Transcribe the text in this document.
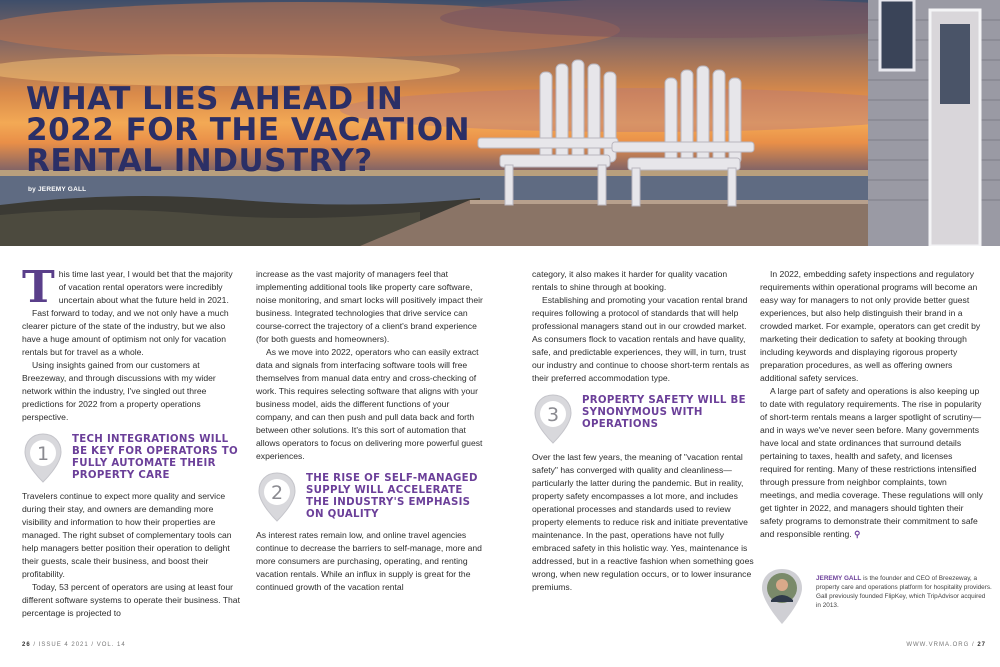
WHAT LIES AHEAD IN
2022 FOR THE VACATION
RENTAL INDUSTRY?
by JEREMY GALL

This time last year, I would bet that the majority of vacation rental operators were incredibly uncertain about what the future held in 2021.

Fast forward to today, and we not only have a much clearer picture of the state of the industry, but we also have a huge amount of optimism not only for vacation rentals but for travel as a whole.

Using insights gained from our customers at Breezeway, and through discussions with my wider network within the industry, I've singled out three predictions for 2022 from a property operations perspective.

1
TECH INTEGRATIONS WILL BE KEY FOR OPERATORS TO FULLY AUTOMATE THEIR PROPERTY CARE

Travelers continue to expect more quality and service during their stay, and owners are demanding more visibility and information to how their properties are managed. The right subset of complementary tools can help managers better position their operation to delight their guests, scale their business, and boost their profitability.

Today, 53 percent of operators are using at least four different software systems to operate their business. That percentage is projected to

increase as the vast majority of managers feel that implementing additional tools like property care software, noise monitoring, and smart locks will positively impact their business. Integrated technologies that drive service can course-correct the trajectory of a client's brand experience (for both guests and homeowners).

As we move into 2022, operators who can easily extract data and signals from interfacing software tools will free themselves from manual data entry and cross-checking of work. This requires selecting software that aligns with your business model, aids the different functions of your company, and can then push and pull data back and forth between other solutions. It's this sort of automation that allows operators to focus on delivering more powerful guest experiences.

2
THE RISE OF SELF-MANAGED SUPPLY WILL ACCELERATE THE INDUSTRY'S EMPHASIS ON QUALITY

As interest rates remain low, and online travel agencies continue to decrease the barriers to self-manage, more and more consumers are purchasing, operating, and renting vacation rentals. While an influx in supply is great for the continued growth of the vacation rental

category, it also makes it harder for quality vacation rentals to shine through at booking.

Establishing and promoting your vacation rental brand requires following a protocol of standards that will help professional managers stand out in our crowded market. As consumers flock to vacation rentals and have quality, safe, and predictable experiences, they will, in turn, trust our industry and continue to choose short-term rentals as their preferred accommodation type.

3
PROPERTY SAFETY WILL BE SYNONYMOUS WITH OPERATIONS

Over the last few years, the meaning of "vacation rental safety" has converged with quality and cleanliness—particularly the latter during the pandemic. But in reality, property safety encompasses a lot more, and includes operational processes and standards used to review property elements to reduce risk and initiate preventative maintenance. In the past, operations have not fully embraced safety in this holistic way. Yes, maintenance is addressed, but in a reactive fashion when something goes wrong, when new regulation occurs, or to lower insurance premiums.

In 2022, embedding safety inspections and regulatory requirements within operational programs will become an easy way for managers to not only provide better guest experiences, but also help distinguish their brand in a crowded market. For example, operators can get credit by marketing their dedication to safety at booking through including keywords and displaying rigorous property preparation procedures, as well as offering owners additional safety services.

A large part of safety and operations is also keeping up to date with regulatory requirements. The rise in popularity of short-term rentals means a larger spotlight of scrutiny—and in ways we've never seen before. Many governments have local and state ordinances that surround details pertaining to taxes, health and safety, and licenses required for renting. Many of these restrictions intensified through pressure from neighbor complaints, town meetings, and media coverage. These regulations will only get tighter in 2022, and managers should tighten their safety programs to demonstrate their commitment to safe and responsible renting. ⚲

JEREMY GALL is the founder and CEO of Breezeway, a property care and operations platform for hospitality providers. Gall previously founded FlipKey, which TripAdvisor acquired in 2013.
26 / ISSUE 4 2021 / VOL. 14	WWW.VRMA.ORG / 27
